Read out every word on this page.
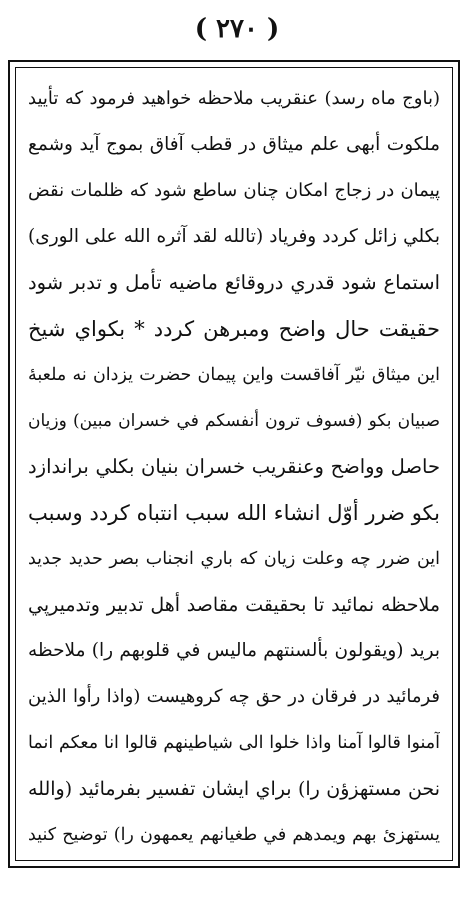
( ٢٧٠ )
(باوج ماه رسد) عنقريب ملاحظه خواهيد فرمود كه تأييد
ملكوت أبهى علم ميثاق در قطب آفاق بموج آيد وشمع
پيمان در زجاج امكان چنان ساطع شود كه ظلمات نقض
بكلي زائل كردد وفرياد (تالله لقد آثره الله على الورى)
استماع شود قدري دروقائع ماضيه تأمل و تدبر شود
حقيقت حال واضح ومبرهن كردد * بكواي شيخ
اين ميثاق نيّر آفاقست واين پيمان حضرت يزدان نه ملعبهٔ
صبيان بكو (فسوف ترون أنفسكم في خسران مبين) وزيان
حاصل وواضح وعنقريب خسران بنيان بكلي براندازد
بكو ضرر أوّل انشاء الله سبب انتباه كردد وسبب
اين ضرر چه وعلت زيان كه باري انجناب بصر حديد جديد
ملاحظه نمائيد تا بحقيقت مقاصد أهل تدبير وتدميرپي
بريد (ويقولون بألسنتهم ماليس في قلوبهم را) ملاحظه
فرمائيد در فرقان در حق چه كروهيست (واذا رأوا الذين
آمنوا قالوا آمنا واذا خلوا الى شياطينهم قالوا انا معكم انما
نحن مستهزؤن را) براي ايشان تفسير بفرمائيد (والله
يستهزئ بهم ويمدهم في طغيانهم يعمهون را) توضيح كنيد
